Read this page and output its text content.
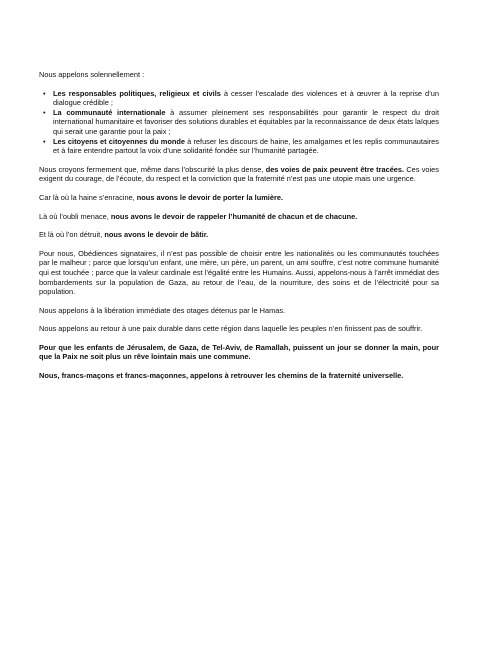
Nous appelons solennellement :

• Les responsables politiques, religieux et civils à cesser l’escalade des violences et à œuvrer à la reprise d’un dialogue crédible ;
• La communauté internationale à assumer pleinement ses responsabilités pour garantir le respect du droit international humanitaire et favoriser des solutions durables et équitables par la reconnaissance de deux états laïques qui serait une garantie pour la paix ;
• Les citoyens et citoyennes du monde à refuser les discours de haine, les amalgames et les replis communautaires et à faire entendre partout la voix d’une solidarité fondée sur l’humanité partagée.

Nous croyons fermement que, même dans l’obscurité la plus dense, des voies de paix peuvent être tracées. Ces voies exigent du courage, de l’écoute, du respect et la conviction que la fraternité n’est pas une utopie mais une urgence.

Car là où la haine s’enracine, nous avons le devoir de porter la lumière.

Là où l’oubli menace, nous avons le devoir de rappeler l’humanité de chacun et de chacune.

Et là où l’on détruit, nous avons le devoir de bâtir.

Pour nous, Obédiences signataires, il n’est pas possible de choisir entre les nationalités ou les communautés touchées par le malheur ; parce que lorsqu’un enfant, une mère, un père, un parent, un ami souffre, c’est notre commune humanité qui est touchée ; parce que la valeur cardinale est l’égalité entre les Humains. Aussi, appelons-nous à l’arrêt immédiat des bombardements sur la population de Gaza, au retour de l’eau, de la nourriture, des soins et de l’électricité pour sa population.

Nous appelons à la libération immédiate des otages détenus par le Hamas.

Nous appelons au retour à une paix durable dans cette région dans laquelle les peuples n’en finissent pas de souffrir.

Pour que les enfants de Jérusalem, de Gaza, de Tel-Aviv, de Ramallah, puissent un jour se donner la main, pour que la Paix ne soit plus un rêve lointain mais une commune.

Nous, francs-maçons et francs-maçonnes, appelons à retrouver les chemins de la fraternité universelle.
